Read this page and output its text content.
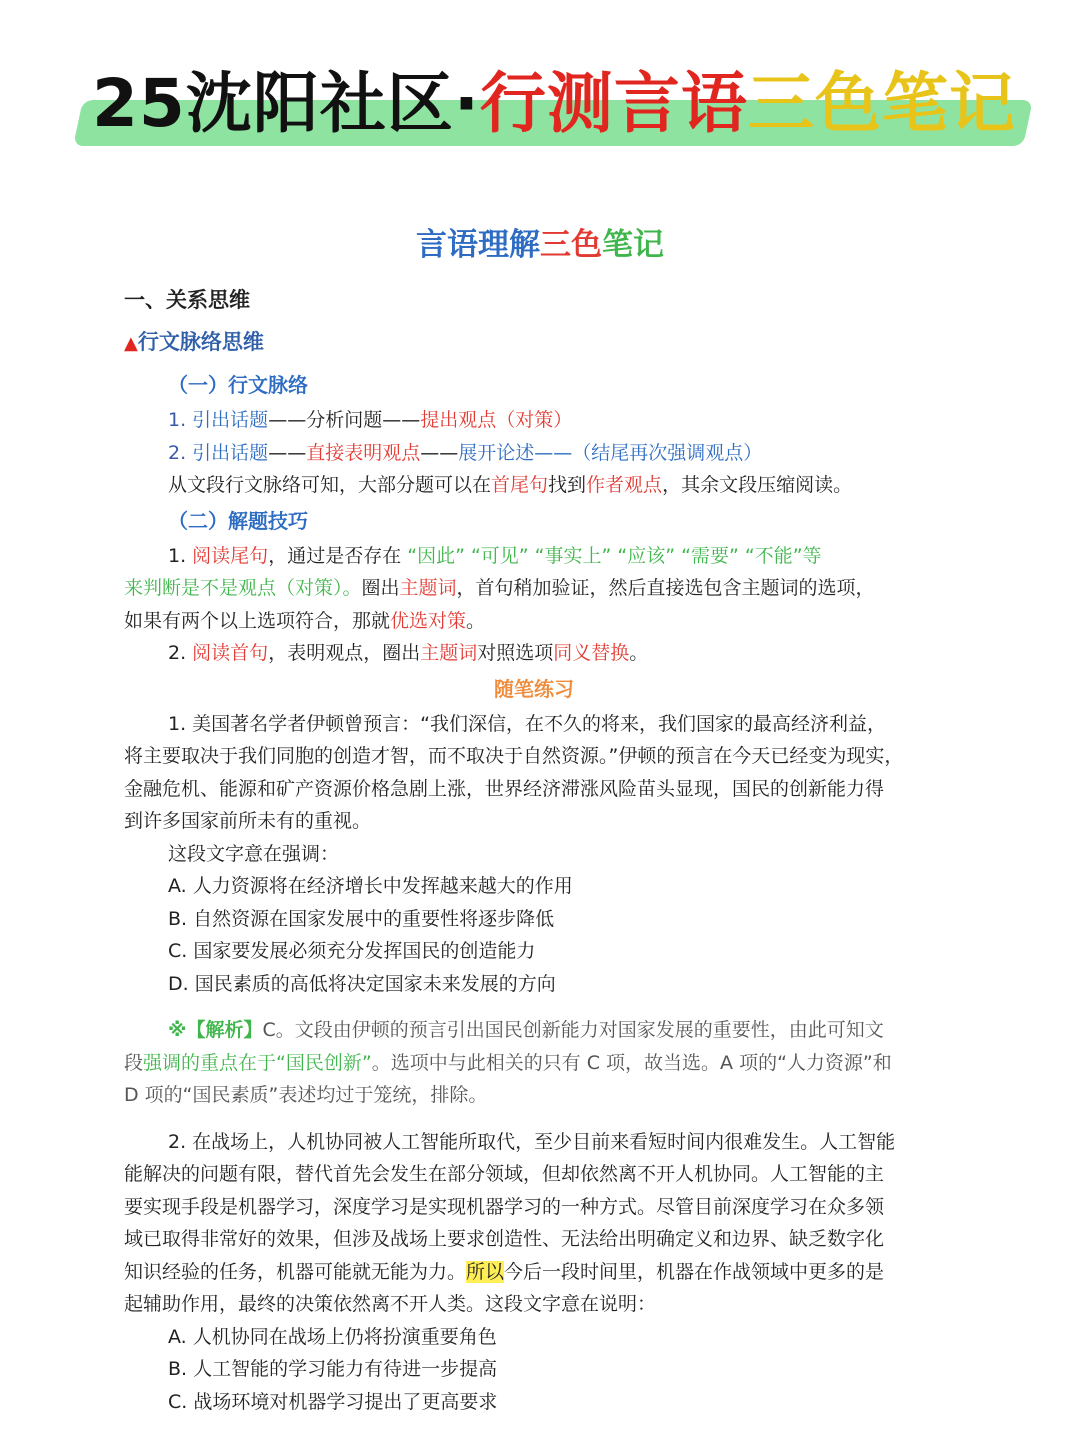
25沈阳社区·行测言语三色笔记
言语理解三色笔记

一、关系思维

▲行文脉络思维

（一）行文脉络

1. 引出话题——分析问题——提出观点（对策）

2. 引出话题——直接表明观点——展开论述——（结尾再次强调观点）

从文段行文脉络可知，大部分题可以在首尾句找到作者观点，其余文段压缩阅读。

（二）解题技巧

1. 阅读尾句，通过是否存在 “因此” “可见” “事实上” “应该” “需要” “不能”等

来判断是不是观点（对策）。圈出主题词，首句稍加验证，然后直接选包含主题词的选项，

如果有两个以上选项符合，那就优选对策。

2. 阅读首句，表明观点，圈出主题词对照选项同义替换。

随笔练习

1. 美国著名学者伊顿曾预言：“我们深信，在不久的将来，我们国家的最高经济利益，

将主要取决于我们同胞的创造才智，而不取决于自然资源。”伊顿的预言在今天已经变为现实，

金融危机、能源和矿产资源价格急剧上涨，世界经济滞涨风险苗头显现，国民的创新能力得

到许多国家前所未有的重视。

这段文字意在强调：

A. 人力资源将在经济增长中发挥越来越大的作用

B. 自然资源在国家发展中的重要性将逐步降低

C. 国家要发展必须充分发挥国民的创造能力

D. 国民素质的高低将决定国家未来发展的方向

※【解析】C。文段由伊顿的预言引出国民创新能力对国家发展的重要性，由此可知文

段强调的重点在于“国民创新”。选项中与此相关的只有 C 项，故当选。A 项的“人力资源”和

D 项的“国民素质”表述均过于笼统，排除。

2. 在战场上，人机协同被人工智能所取代，至少目前来看短时间内很难发生。人工智能

能解决的问题有限，替代首先会发生在部分领域，但却依然离不开人机协同。人工智能的主

要实现手段是机器学习，深度学习是实现机器学习的一种方式。尽管目前深度学习在众多领

域已取得非常好的效果，但涉及战场上要求创造性、无法给出明确定义和边界、缺乏数字化

知识经验的任务，机器可能就无能为力。所以今后一段时间里，机器在作战领域中更多的是

起辅助作用，最终的决策依然离不开人类。这段文字意在说明：

A. 人机协同在战场上仍将扮演重要角色

B. 人工智能的学习能力有待进一步提高

C. 战场环境对机器学习提出了更高要求
